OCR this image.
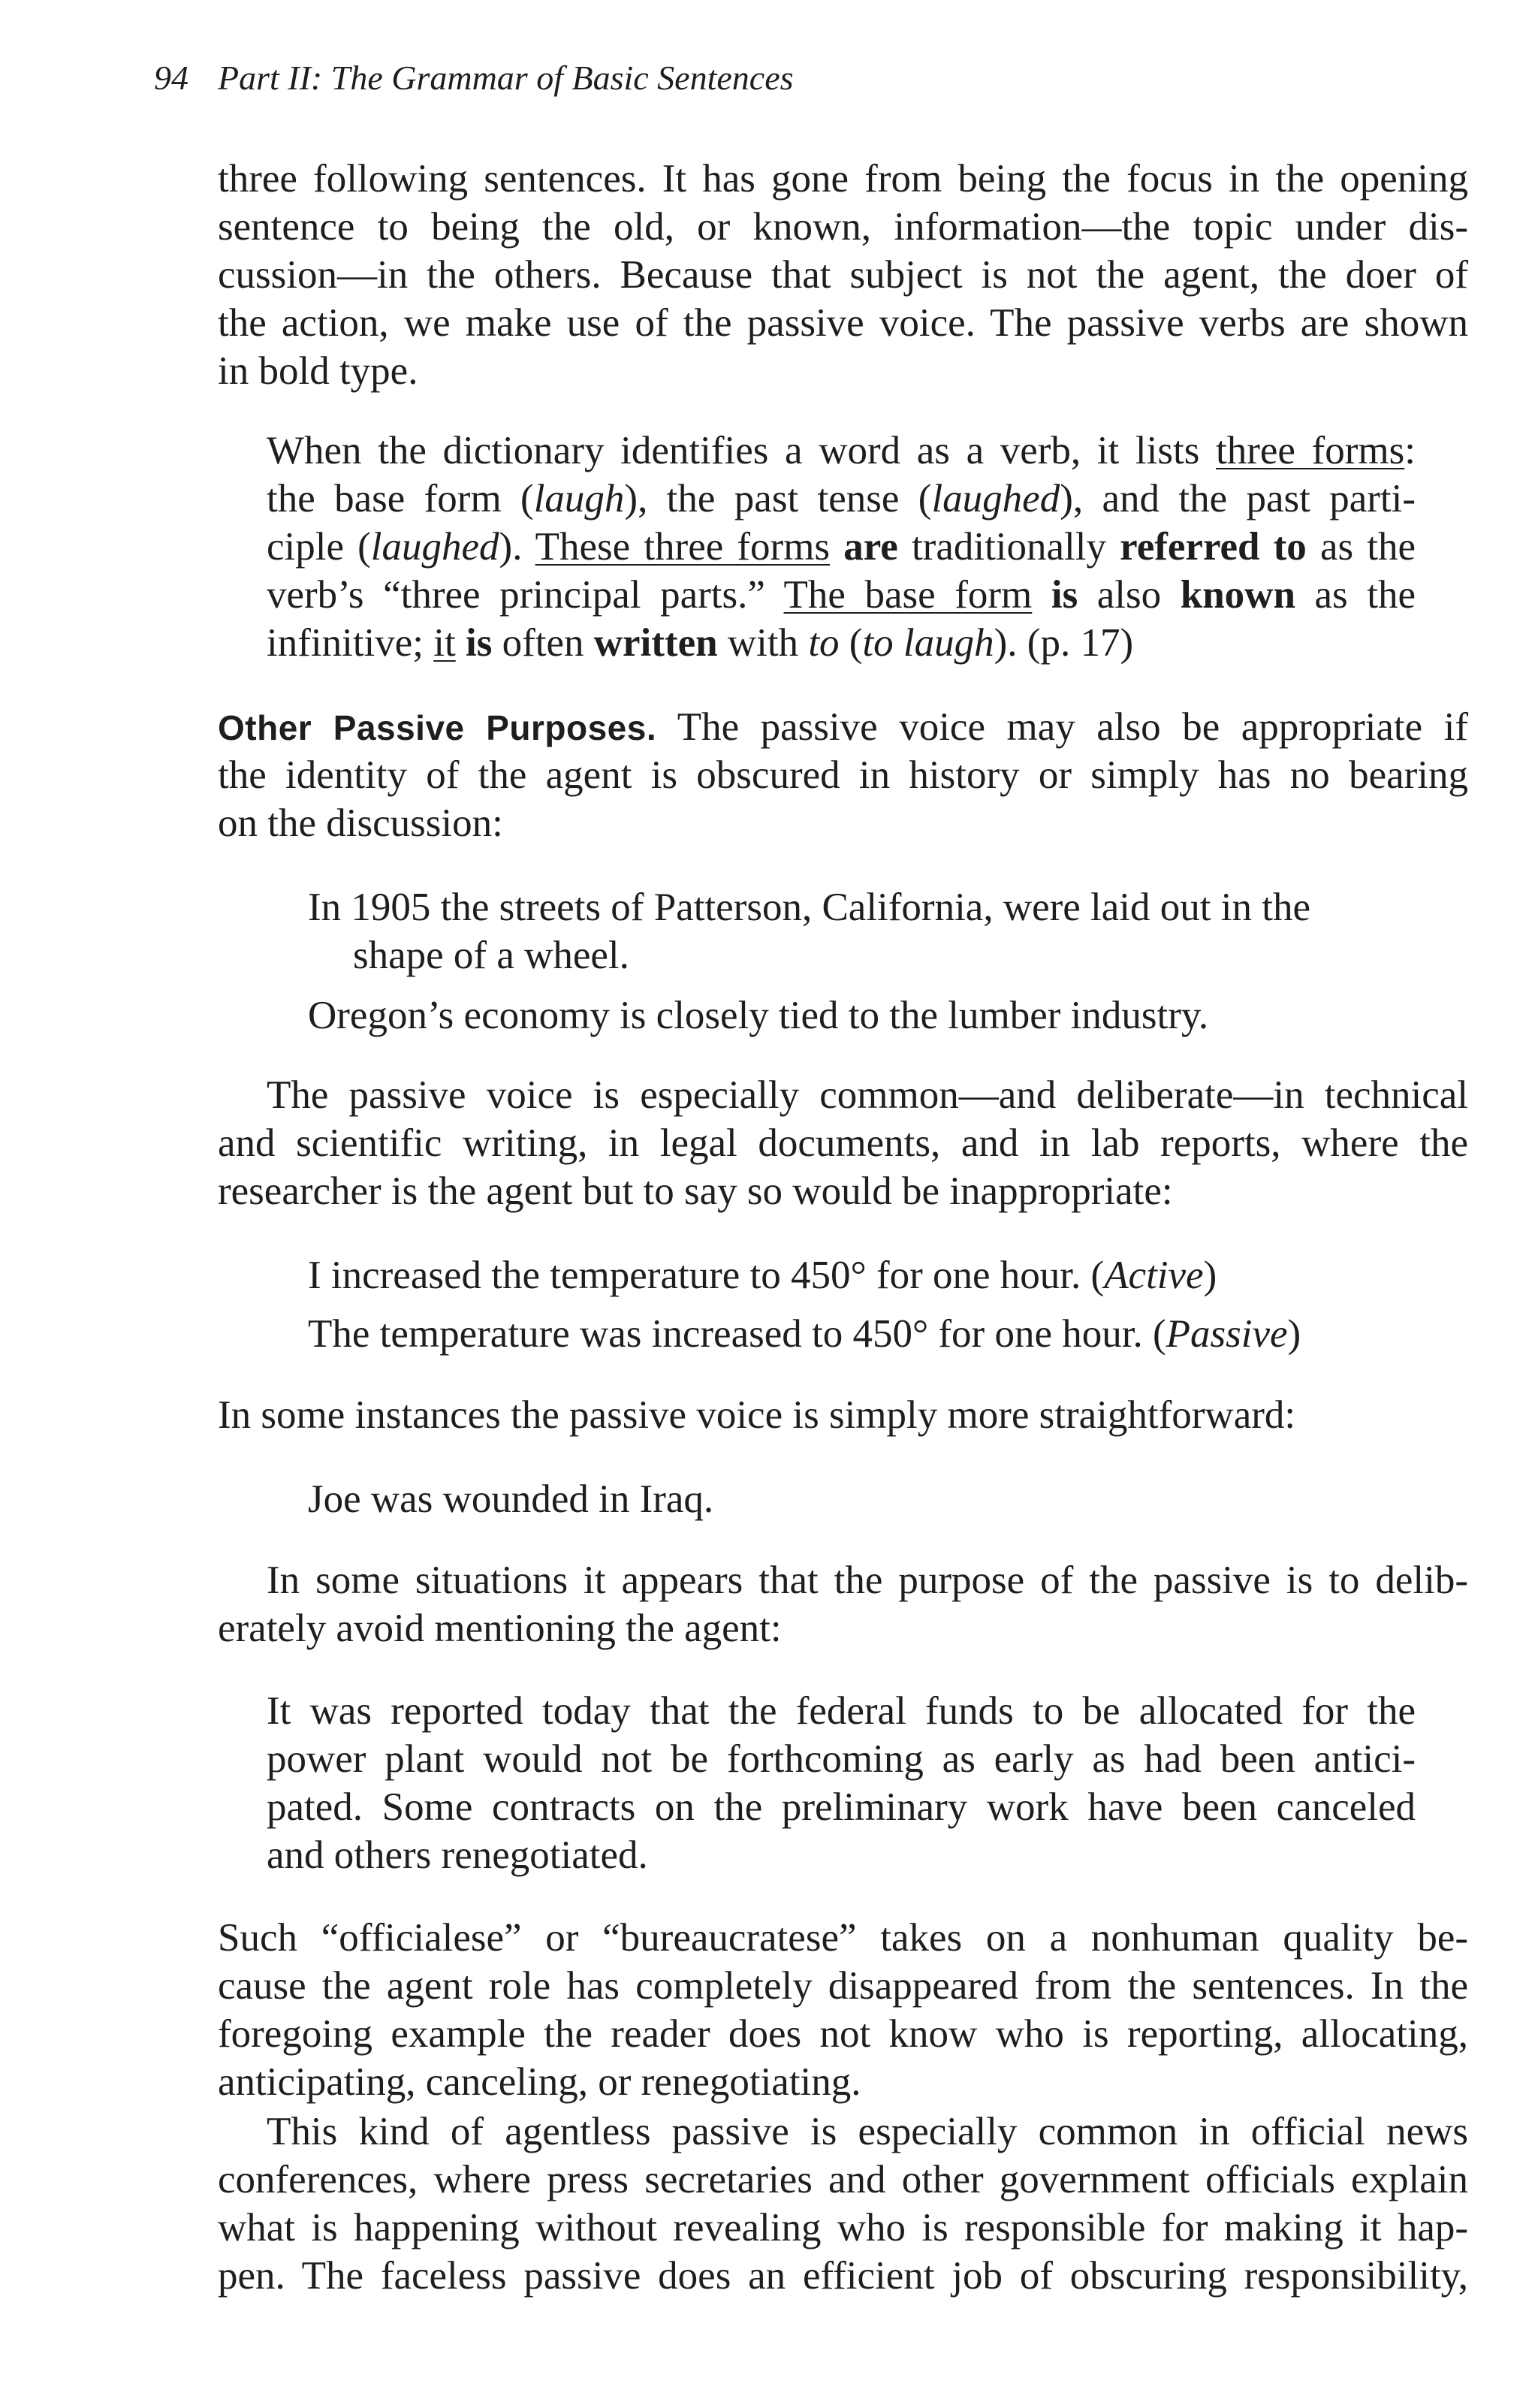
94 Part II: The Grammar of Basic Sentences
three following sentences. It has gone from being the focus in the opening
sentence to being the old, or known, information—the topic under dis-
cussion—in the others. Because that subject is not the agent, the doer of
the action, we make use of the passive voice. The passive verbs are shown
in bold type.
When the dictionary identifies a word as a verb, it lists three forms:
the base form (laugh), the past tense (laughed), and the past parti-
ciple (laughed). These three forms are traditionally referred to as the
verb’s “three principal parts.” The base form is also known as the
infinitive; it is often written with to (to laugh). (p. 17)
Other Passive Purposes. The passive voice may also be appropriate if
the identity of the agent is obscured in history or simply has no bearing
on the discussion:
In 1905 the streets of Patterson, California, were laid out in the
shape of a wheel.
Oregon’s economy is closely tied to the lumber industry.
The passive voice is especially common—and deliberate—in technical
and scientific writing, in legal documents, and in lab reports, where the
researcher is the agent but to say so would be inappropriate:
I increased the temperature to 450° for one hour. (Active)
The temperature was increased to 450° for one hour. (Passive)
In some instances the passive voice is simply more straightforward:
Joe was wounded in Iraq.
In some situations it appears that the purpose of the passive is to delib-
erately avoid mentioning the agent:
It was reported today that the federal funds to be allocated for the
power plant would not be forthcoming as early as had been antici-
pated. Some contracts on the preliminary work have been canceled
and others renegotiated.
Such “officialese” or “bureaucratese” takes on a nonhuman quality be-
cause the agent role has completely disappeared from the sentences. In the
foregoing example the reader does not know who is reporting, allocating,
anticipating, canceling, or renegotiating.
This kind of agentless passive is especially common in official news
conferences, where press secretaries and other government officials explain
what is happening without revealing who is responsible for making it hap-
pen. The faceless passive does an efficient job of obscuring responsibility,
